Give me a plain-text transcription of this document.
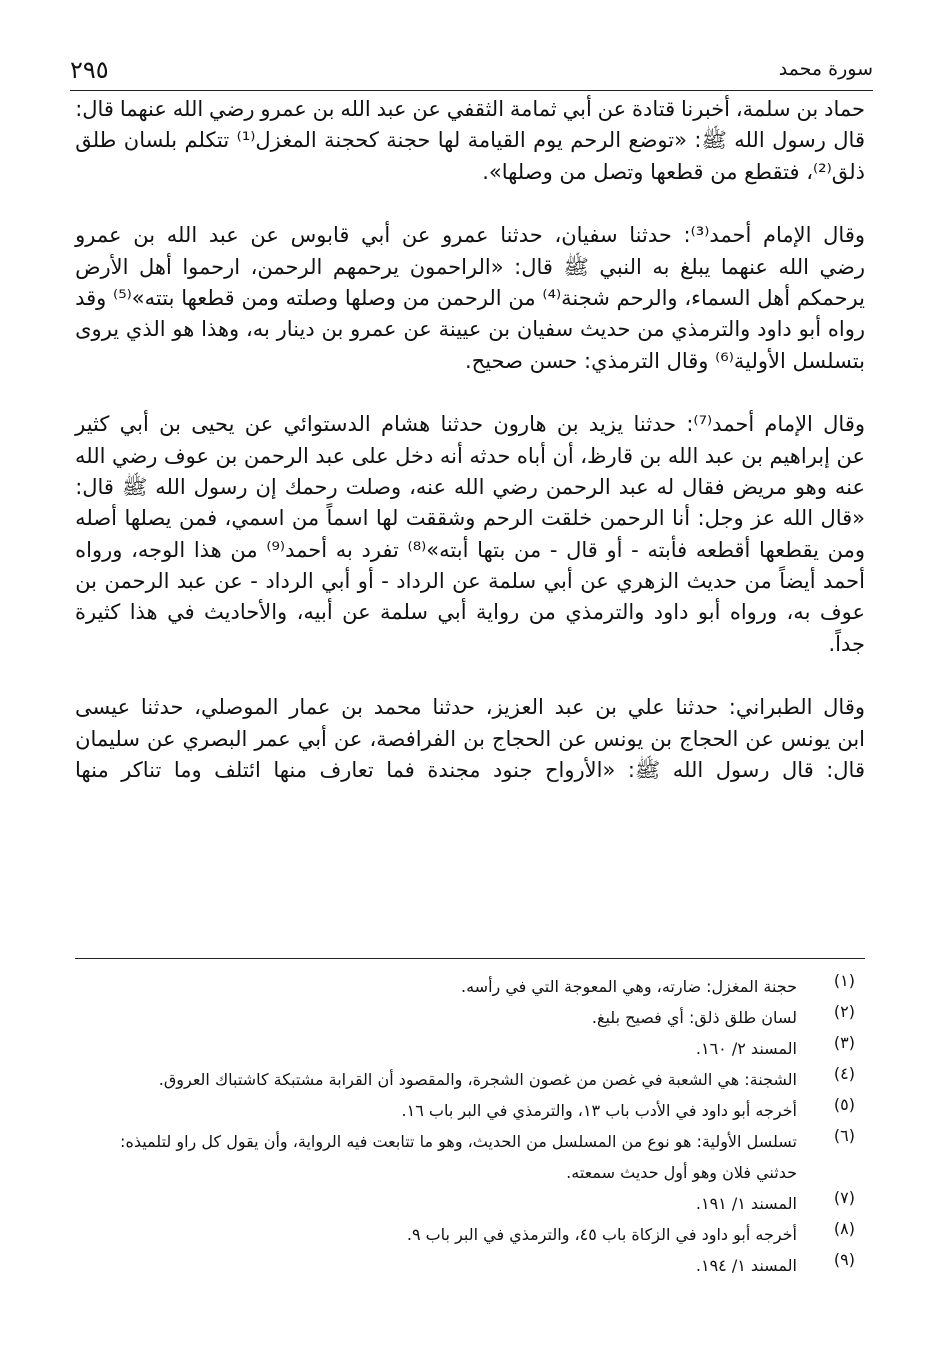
سورة محمد
٢٩٥
حماد
بن
سلمة،
أخبرنا
قتادة
عن
أبي
ثمامة
الثقفي
عن
عبد
الله
بن
عمرو
رضي
الله
عنهما
قال:
قال
رسول
الله
ﷺ:
«توضع
الرحم
يوم
القيامة
لها
حجنة
كحجنة
المغزل⁽¹⁾
تتكلم
بلسان
طلق
ذلق⁽²⁾، فتقطع من قطعها وتصل من وصلها».
وقال
الإمام
أحمد⁽³⁾:
حدثنا
سفيان،
حدثنا
عمرو
عن
أبي
قابوس
عن
عبد
الله
بن
عمرو
رضي
الله
عنهما
يبلغ
به
النبي
ﷺ
قال:
«الراحمون
يرحمهم
الرحمن،
ارحموا
أهل
الأرض
يرحمكم
أهل
السماء،
والرحم
شجنة⁽⁴⁾
من
الرحمن
من
وصلها
وصلته
ومن
قطعها
بتته»⁽⁵⁾
وقد
رواه
أبو
داود
والترمذي
من
حديث
سفيان
بن
عيينة
عن
عمرو
بن
دينار
به،
وهذا
هو
الذي
يروى
بتسلسل الأولية⁽⁶⁾ وقال الترمذي: حسن صحيح.
وقال
الإمام
أحمد⁽⁷⁾:
حدثنا
يزيد
بن
هارون
حدثنا
هشام
الدستوائي
عن
يحيى
بن
أبي
كثير
عن
إبراهيم
بن
عبد
الله
بن
قارظ،
أن
أباه
حدثه
أنه
دخل
على
عبد
الرحمن
بن
عوف
رضي
الله
عنه
وهو
مريض
فقال
له
عبد
الرحمن
رضي
الله
عنه،
وصلت
رحمك
إن
رسول
الله
ﷺ
قال:
«قال
الله
عز
وجل:
أنا
الرحمن
خلقت
الرحم
وشققت
لها
اسماً
من
اسمي،
فمن
يصلها
أصله
ومن
يقطعها
أقطعه
فأبته
-
أو
قال
-
من
بتها
أبته»⁽⁸⁾
تفرد
به
أحمد⁽⁹⁾
من
هذا
الوجه،
ورواه
أحمد
أيضاً
من
حديث
الزهري
عن
أبي
سلمة
عن
الرداد
-
أو
أبي
الرداد
-
عن
عبد
الرحمن
بن
عوف
به،
ورواه
أبو
داود
والترمذي
من
رواية
أبي
سلمة
عن
أبيه،
والأحاديث
في
هذا
كثيرة
جداً.
وقال
الطبراني:
حدثنا
علي
بن
عبد
العزيز،
حدثنا
محمد
بن
عمار
الموصلي،
حدثنا
عيسى
ابن
يونس
عن
الحجاج
بن
يونس
عن
الحجاج
بن
الفرافصة،
عن
أبي
عمر
البصري
عن
سليمان
قال:
قال
رسول
الله
ﷺ:
«الأرواح
جنود
مجندة
فما
تعارف
منها
ائتلف
وما
تناكر
منها
(١)
حجنة المغزل: ضارته، وهي المعوجة التي في رأسه.
(٢)
لسان طلق ذلق: أي فصيح بليغ.
(٣)
المسند ٢/ ١٦٠.
(٤)
الشجنة: هي الشعبة في غصن من غصون الشجرة، والمقصود أن القرابة مشتبكة كاشتباك العروق.
(٥)
أخرجه أبو داود في الأدب باب ١٣، والترمذي في البر باب ١٦.
(٦)
تسلسل الأولية: هو نوع من المسلسل من الحديث، وهو ما تتابعت فيه الرواية، وأن يقول كل راو لتلميذه: حدثني فلان وهو أول حديث سمعته.
(٧)
المسند ١/ ١٩١.
(٨)
أخرجه أبو داود في الزكاة باب ٤٥، والترمذي في البر باب ٩.
(٩)
المسند ١/ ١٩٤.
